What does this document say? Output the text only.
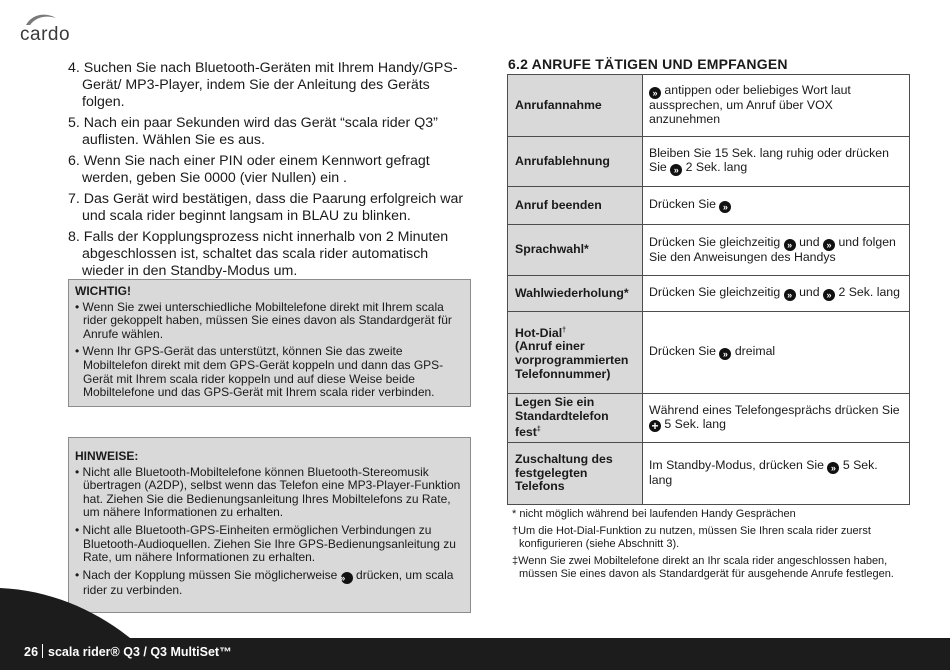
cardo
4. Suchen Sie nach Bluetooth-Geräten mit Ihrem Handy/GPS-Gerät/ MP3-Player, indem Sie der Anleitung des Geräts folgen.
5. Nach ein paar Sekunden wird das Gerät “scala rider Q3” auflisten. Wählen Sie es aus.
6. Wenn Sie nach einer PIN oder einem Kennwort gefragt werden, geben Sie 0000 (vier Nullen) ein .
7. Das Gerät wird bestätigen, dass die Paarung erfolgreich war und scala rider beginnt langsam in BLAU zu blinken.
8. Falls der Kopplungsprozess nicht innerhalb von 2 Minuten abgeschlossen ist, schaltet das scala rider automatisch wieder in den Standby-Modus um.
WICHTIG!
• Wenn Sie zwei unterschiedliche Mobiltelefone direkt mit Ihrem scala rider gekoppelt haben, müssen Sie eines davon als Standardgerät für Anrufe wählen.
• Wenn Ihr GPS-Gerät das unterstützt, können Sie das zweite Mobiltelefon direkt mit dem GPS-Gerät koppeln und dann das GPS-Gerät mit Ihrem scala rider koppeln und auf diese Weise beide Mobiltelefone und das GPS-Gerät mit Ihrem scala rider verbinden.
HINWEISE:
• Nicht alle Bluetooth-Mobiltelefone können Bluetooth-Stereomusik übertragen (A2DP), selbst wenn das Telefon eine MP3-Player-Funktion hat. Ziehen Sie die Bedienungsanleitung Ihres Mobiltelefons zu Rate, um nähere Informationen zu erhalten.
• Nicht alle Bluetooth-GPS-Einheiten ermöglichen Verbindungen zu Bluetooth-Audioquellen. Ziehen Sie Ihre GPS-Bedienungsanleitung zu Rate, um nähere Informationen zu erhalten.
• Nach der Kopplung müssen Sie möglicherweise » drücken, um scala rider zu verbinden.
6.2 ANRUFE TÄTIGEN UND EMPFANGEN
Anrufannahme	» antippen oder beliebiges Wort laut aussprechen, um Anruf über VOX anzunehmen
Anrufablehnung	Bleiben Sie 15 Sek. lang ruhig oder drücken Sie » 2 Sek. lang
Anruf beenden	Drücken Sie »
Sprachwahl*	Drücken Sie gleichzeitig » und » und folgen Sie den Anweisungen des Handys
Wahlwiederholung*	Drücken Sie gleichzeitig » und » 2 Sek. lang
Hot-Dial†
(Anruf einer vorprogrammierten Telefonnummer)	Drücken Sie » dreimal
Legen Sie ein Standardtelefon fest‡	Während eines Telefongesprächs drücken Sie + 5 Sek. lang
Zuschaltung des festgelegten Telefons	Im Standby-Modus, drücken Sie » 5 Sek. lang

* nicht möglich während bei laufenden Handy Gesprächen

†Um die Hot-Dial-Funktion zu nutzen, müssen Sie Ihren scala rider zuerst konfigurieren (siehe Abschnitt 3).

‡Wenn Sie zwei Mobiltelefone direkt an Ihr scala rider angeschlossen haben, müssen Sie eines davon als Standardgerät für ausgehende Anrufe festlegen.

26 scala rider® Q3 / Q3 MultiSet™
